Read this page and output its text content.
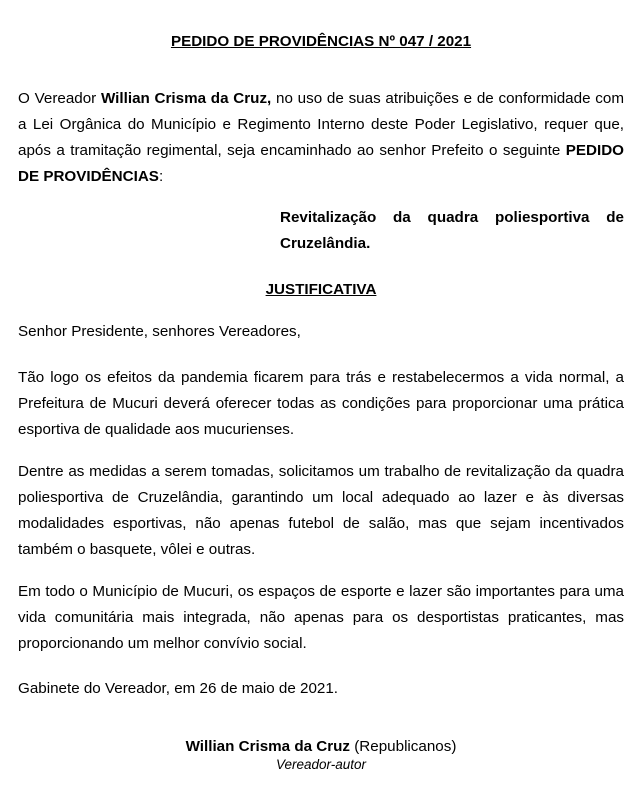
PEDIDO DE PROVIDÊNCIAS Nº 047 / 2021

O Vereador Willian Crisma da Cruz, no uso de suas atribuições e de conformidade com a Lei Orgânica do Município e Regimento Interno deste Poder Legislativo, requer que, após a tramitação regimental, seja encaminhado ao senhor Prefeito o seguinte PEDIDO DE PROVIDÊNCIAS:

Revitalização da quadra poliesportiva de Cruzelândia.

JUSTIFICATIVA

Senhor Presidente, senhores Vereadores,

Tão logo os efeitos da pandemia ficarem para trás e restabelecermos a vida normal, a Prefeitura de Mucuri deverá oferecer todas as condições para proporcionar uma prática esportiva de qualidade aos mucurienses.

Dentre as medidas a serem tomadas, solicitamos um trabalho de revitalização da quadra poliesportiva de Cruzelândia, garantindo um local adequado ao lazer e às diversas modalidades esportivas, não apenas futebol de salão, mas que sejam incentivados também o basquete, vôlei e outras.

Em todo o Município de Mucuri, os espaços de esporte e lazer são importantes para uma vida comunitária mais integrada, não apenas para os desportistas praticantes, mas proporcionando um melhor convívio social.

Gabinete do Vereador, em 26 de maio de 2021.

Willian Crisma da Cruz (Republicanos)
Vereador-autor
